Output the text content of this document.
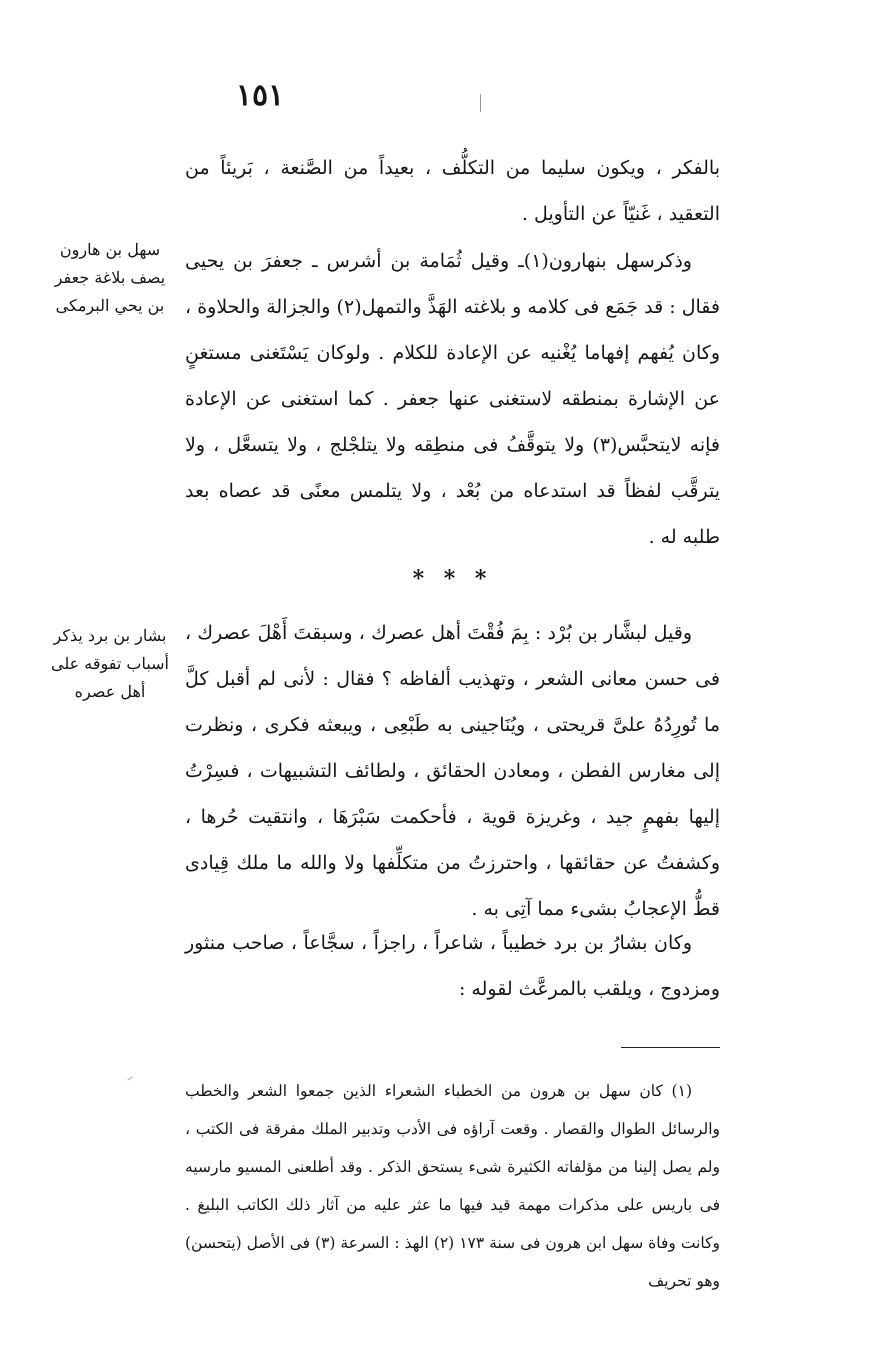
١٥١

بالفكر ، ويكون سليما من التكلُّف ، بعيداً من الصَّنعة ، بَريئاً من التعقيد ، غَنيّاً عن التأويل .

وذكرسهل بنهارون(١)ـ وقيل ثُمَامة بن أشرس ـ جعفرَ بن يحيى فقال : قد جَمَع فى كلامه و بلاغته الهَذَّ والتمهل(٢) والجزالة والحلاوة ، وكان يُفهم إفهاما يُغْنيه عن الإعادة للكلام . ولوكان يَسْتَغنى مستغنٍ عن الإشارة بمنطقه لاستغنى عنها جعفر . كما استغنى عن الإعادة فإنه لايتحبَّس(٣) ولا يتوقَّفُ فى منطِقه ولا يتلجْلج ، ولا يتسعَّل ، ولا يترقَّب لفظاً قد استدعاه من بُعْد ، ولا يتلمس معنًى قد عصاه بعد طلبه له .

سهل بن هارون يصف بلاغة جعفر بن يحي البرمكى
* * *

وقيل لبشَّار بن بُرْد : بِمَ فُقْتَ أهل عصرك ، وسبقتَ أَهْلَ عصرك ، فى حسن معانى الشعر ، وتهذيب ألفاظه ؟ فقال : لأنى لم أقبل كلَّ ما تُورِدُهُ علىَّ قريحتى ، ويُنَاجينى به طَبْعِى ، ويبعثه فكرى ، ونظرت إلى مغارس الفطن ، ومعادن الحقائق ، ولطائف التشبيهات ، فسِرْتُ إليها بفهمٍ جيد ، وغريزة قوية ، فأحكمت سَبْرَهَا ، وانتقيت حُرها ، وكشفتُ عن حقائقها ، واحترزتُ من متكلِّفها ولا والله ما ملك قِيادى قطُّ الإعجابُ بشىء مما آتِى به .

بشار بن برد يذكر أسباب تفوقه على أهل عصره

وكان بشارُ بن برد خطيباً ، شاعراً ، راجزاً ، سجَّاعاً ، صاحب منثور ومزدوج ، ويلقب بالمرعَّث لقوله :

(١) كان سهل بن هرون من الخطباء الشعراء الذين جمعوا الشعر والخطب والرسائل الطوال والقصار . وقعت آراؤه فى الأدب وتدبير الملك مفرقة فى الكتب ، ولم يصل إلينا من مؤلفاته الكثيرة شىء يستحق الذكر . وقد أطلعنى المسيو مارسيه فى باريس على مذكرات مهمة قيد فيها ما عثر عليه من آثار ذلك الكاتب البليغ . وكانت وفاة سهل ابن هرون فى سنة ١٧٣ (٢) الهذ : السرعة (٣) فى الأصل (يتحسن) وهو تحريف
